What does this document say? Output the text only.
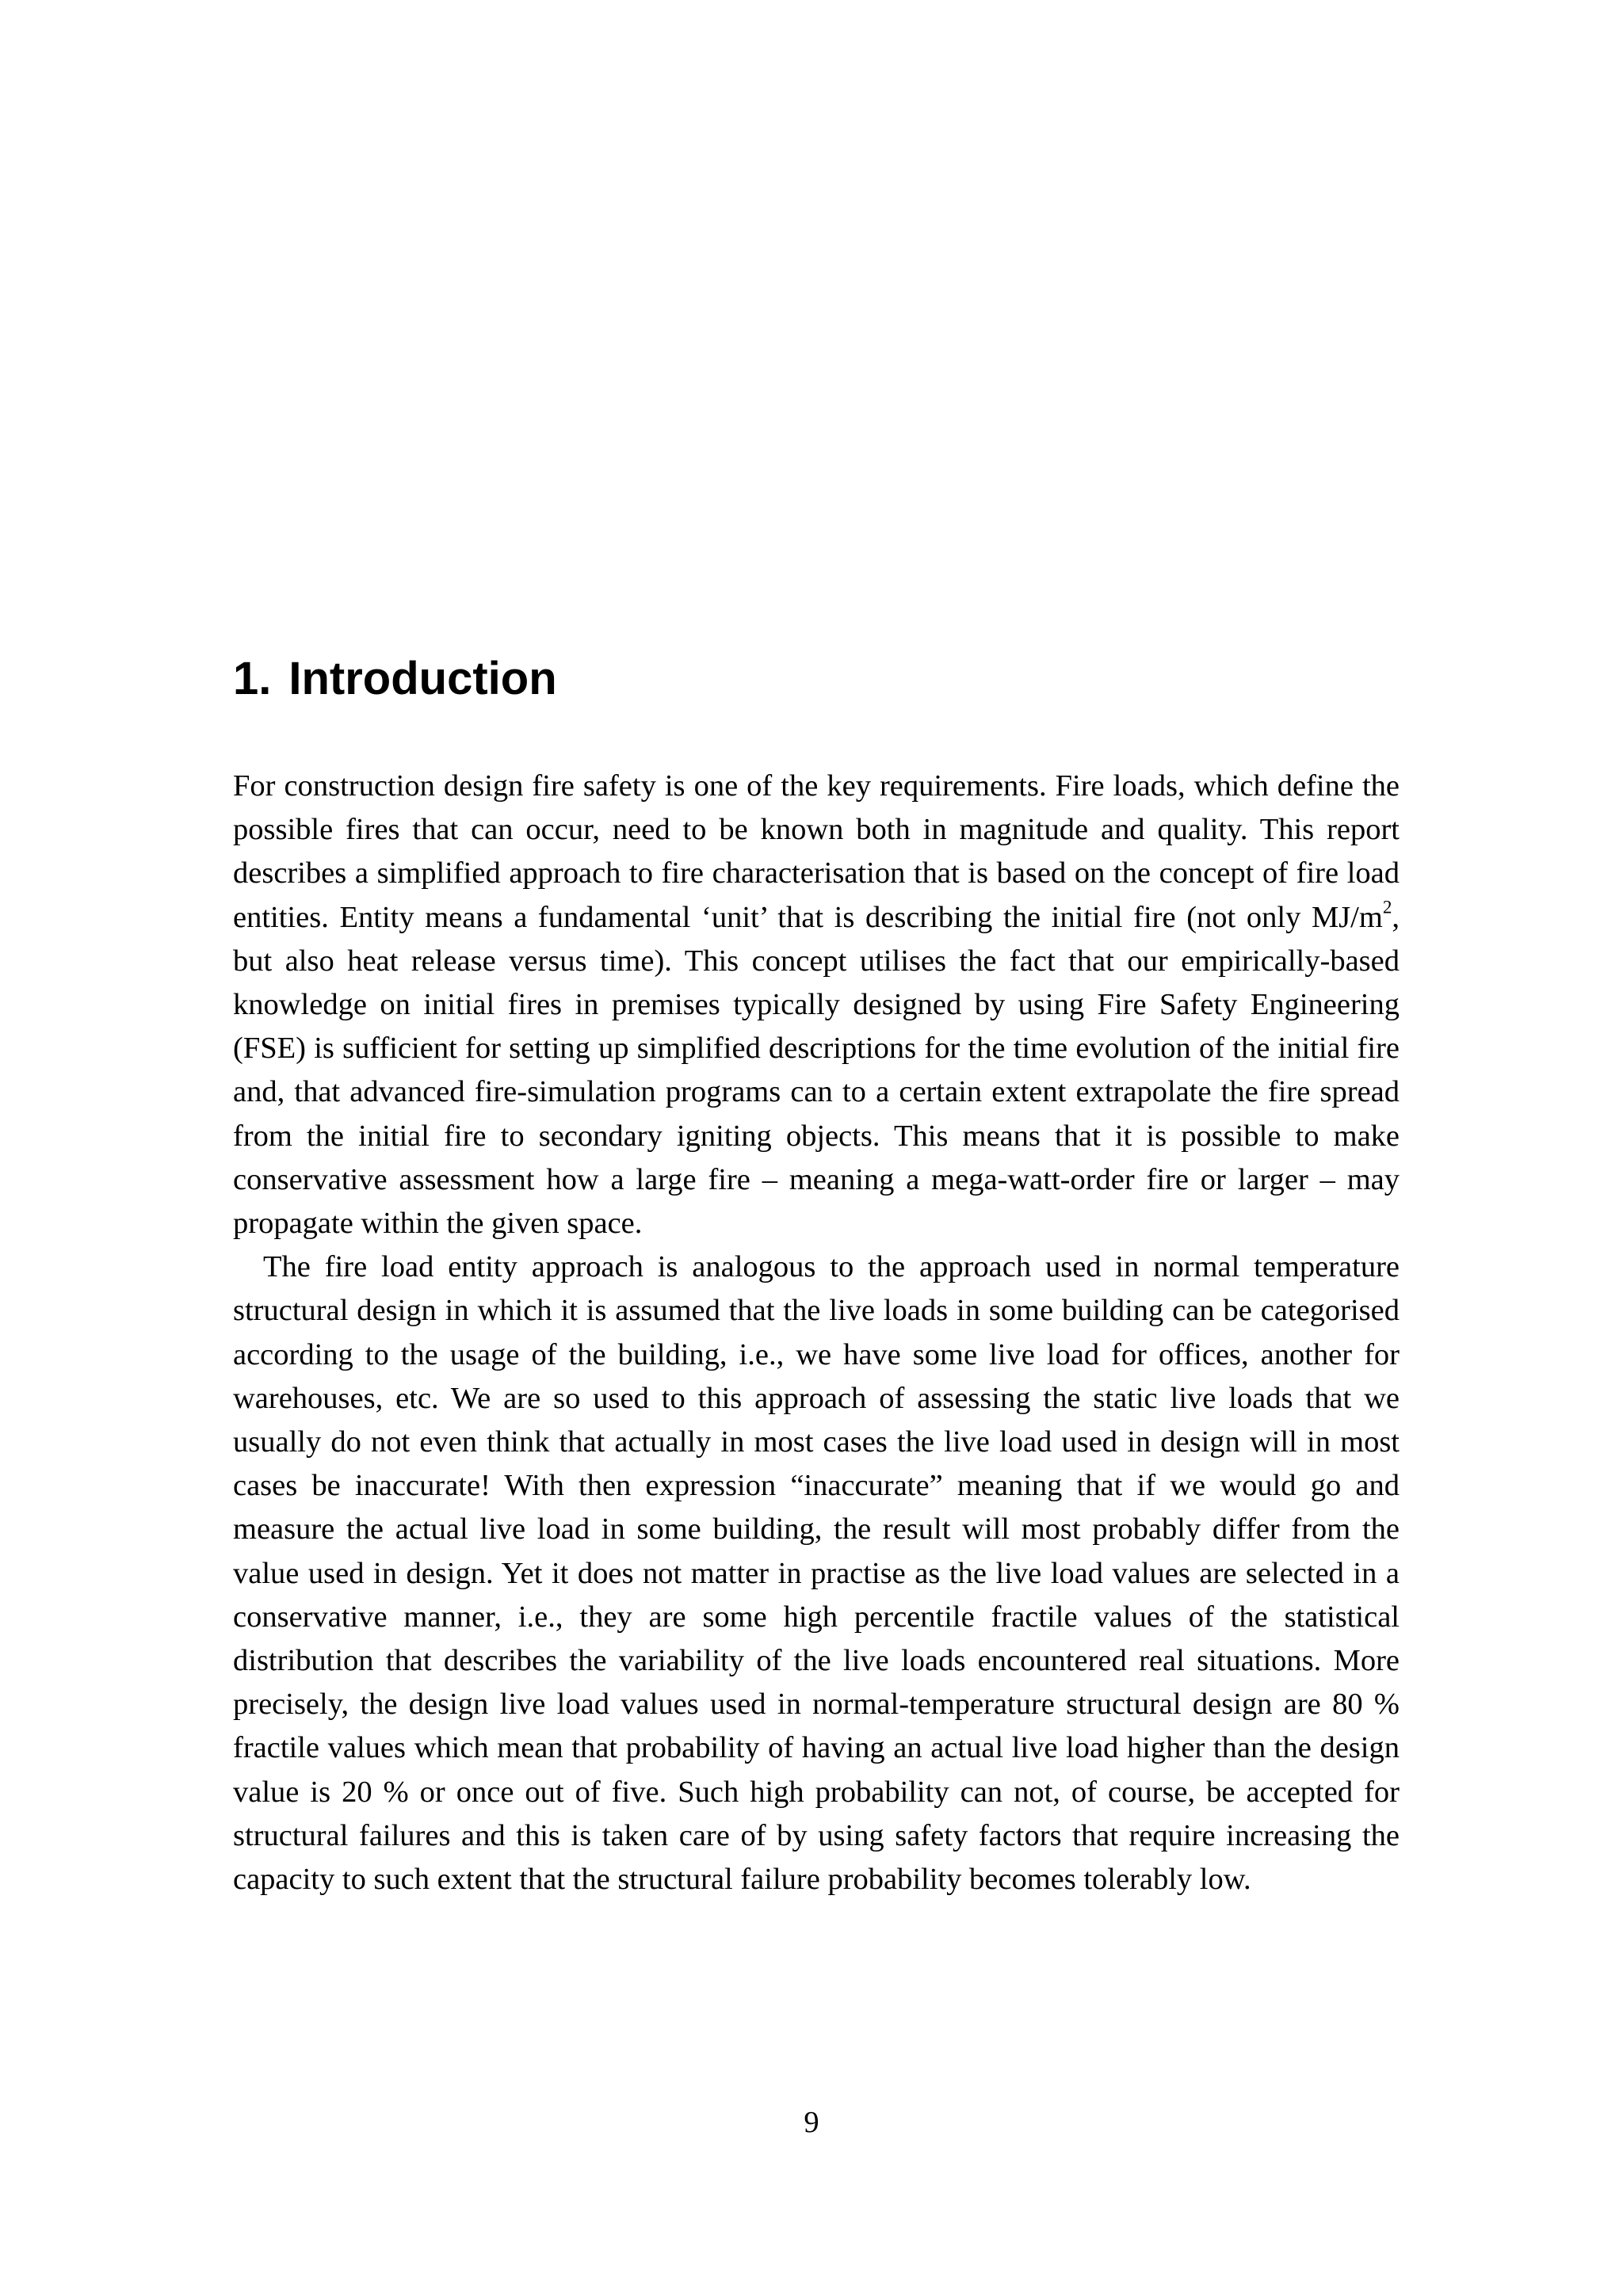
1. Introduction

For construction design fire safety is one of the key requirements. Fire loads, which define the possible fires that can occur, need to be known both in magnitude and quality. This report describes a simplified approach to fire characterisation that is based on the concept of fire load entities. Entity means a fundamental ‘unit’ that is describing the initial fire (not only $MJ/m^2$, but also heat release versus time). This concept utilises the fact that our empirically-based knowledge on initial fires in premises typically designed by using Fire Safety Engineering (FSE) is sufficient for setting up simplified descriptions for the time evolution of the initial fire and, that advanced fire-simulation programs can to a certain extent extrapolate the fire spread from the initial fire to secondary igniting objects. This means that it is possible to make conservative assessment how a large fire – meaning a mega-watt-order fire or larger – may propagate within the given space.

The fire load entity approach is analogous to the approach used in normal temperature structural design in which it is assumed that the live loads in some building can be categorised according to the usage of the building, i.e., we have some live load for offices, another for warehouses, etc. We are so used to this approach of assessing the static live loads that we usually do not even think that actually in most cases the live load used in design will in most cases be inaccurate! With then expression “inaccurate” meaning that if we would go and measure the actual live load in some building, the result will most probably differ from the value used in design. Yet it does not matter in practise as the live load values are selected in a conservative manner, i.e., they are some high percentile fractile values of the statistical distribution that describes the variability of the live loads encountered real situations. More precisely, the design live load values used in normal-temperature structural design are 80 % fractile values which mean that probability of having an actual live load higher than the design value is 20 % or once out of five. Such high probability can not, of course, be accepted for structural failures and this is taken care of by using safety factors that require increasing the capacity to such extent that the structural failure probability becomes tolerably low.

9
